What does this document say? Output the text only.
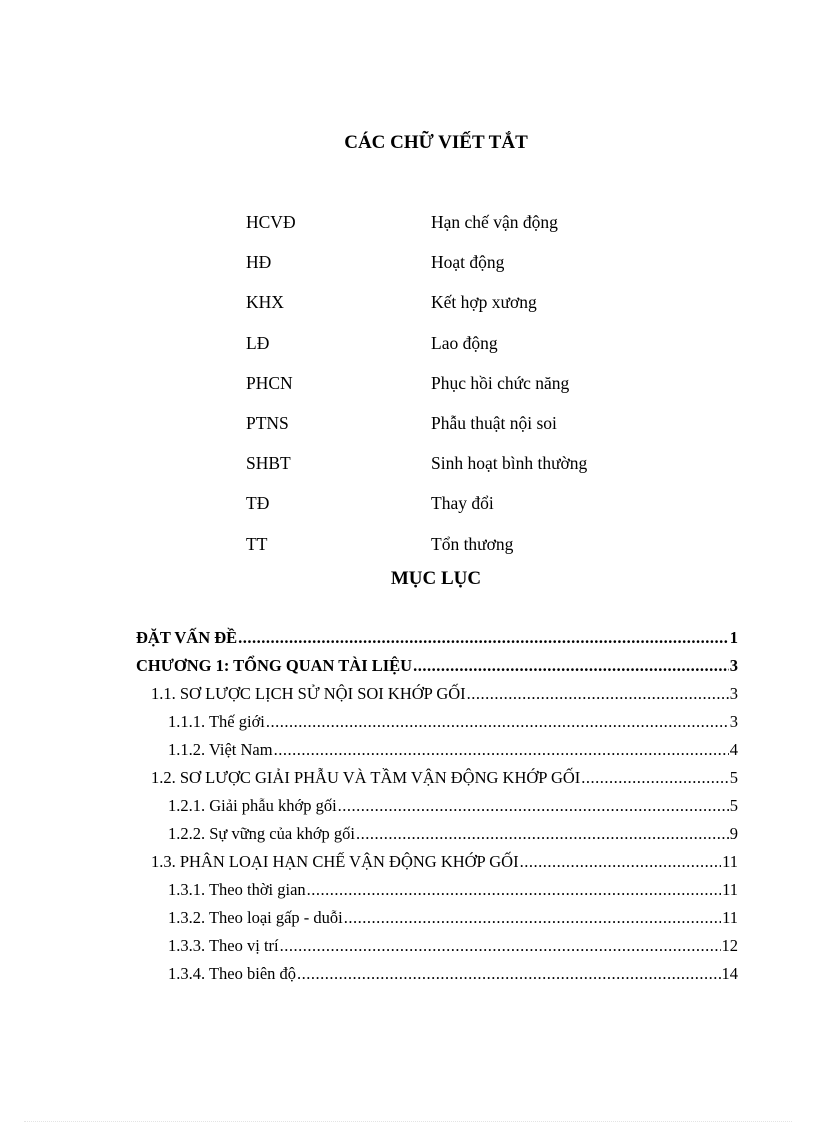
CÁC CHỮ VIẾT TẮT
HCVĐ	Hạn chế vận động
HĐ	Hoạt động
KHX	Kết hợp xương
LĐ	Lao động
PHCN	Phục hồi chức năng
PTNS	Phẫu thuật nội soi
SHBT	Sinh hoạt bình thường
TĐ	Thay đổi
TT	Tổn thương
MỤC LỤC
ĐẶT VẤN ĐỀ .....	1
CHƯƠNG 1: TỔNG QUAN TÀI LIỆU .....	3
1.1. SƠ LƯỢC LỊCH SỬ NỘI SOI KHỚP GỐI .....	3
1.1.1. Thế giới .....	3
1.1.2. Việt Nam .....	4
1.2. SƠ LƯỢC GIẢI PHẪU VÀ TẦM VẬN ĐỘNG KHỚP GỐI .....	5
1.2.1. Giải phẫu khớp gối .....	5
1.2.2. Sự vững của khớp gối .....	9
1.3. PHÂN LOẠI HẠN CHẾ VẬN ĐỘNG KHỚP GỐI .....	11
1.3.1. Theo thời gian .....	11
1.3.2. Theo loại gấp - duỗi .....	11
1.3.3. Theo vị trí .....	12
1.3.4. Theo biên độ .....	14
